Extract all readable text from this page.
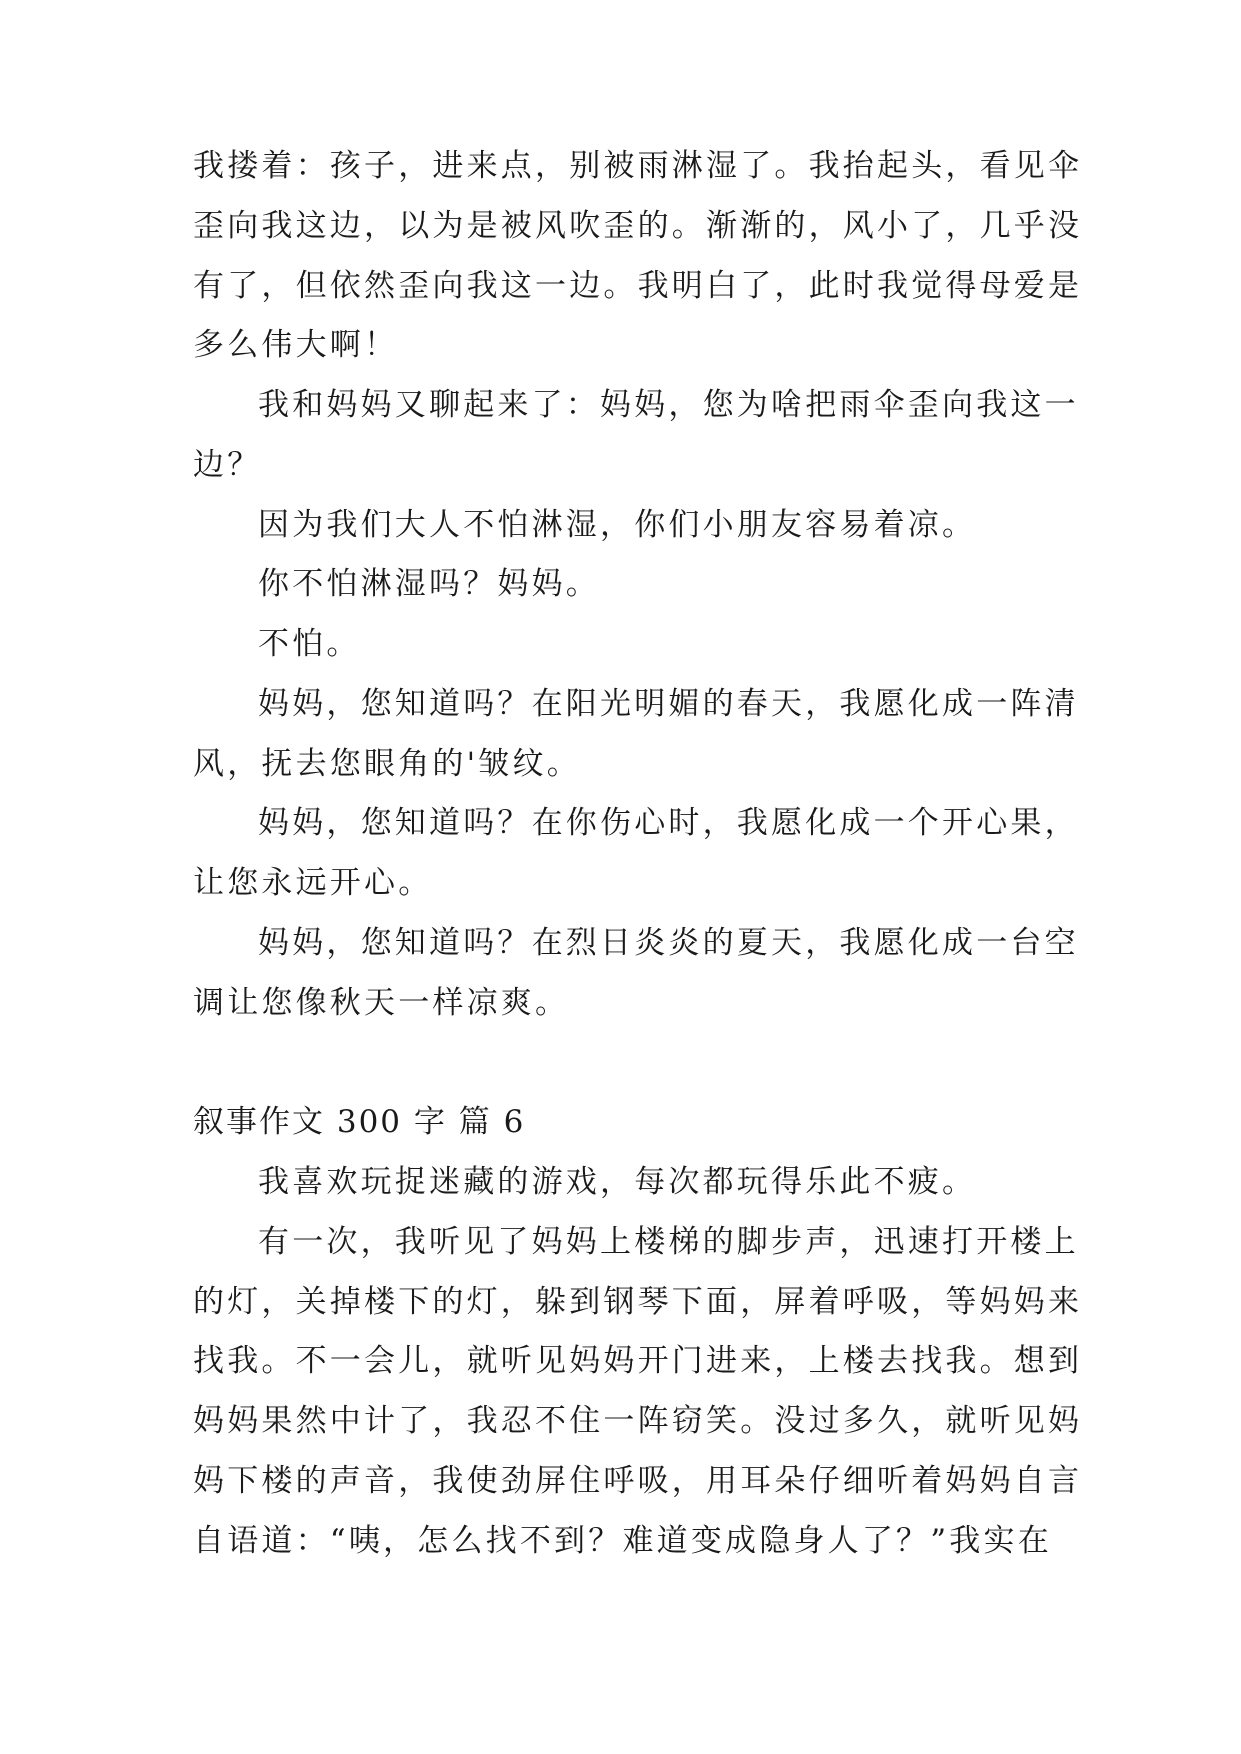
我搂着：孩子，进来点，别被雨淋湿了。我抬起头，看见伞

歪向我这边，以为是被风吹歪的。渐渐的，风小了，几乎没

有了，但依然歪向我这一边。我明白了，此时我觉得母爱是

多么伟大啊！

我和妈妈又聊起来了：妈妈，您为啥把雨伞歪向我这一

边？

因为我们大人不怕淋湿，你们小朋友容易着凉。

你不怕淋湿吗？妈妈。

不怕。

妈妈，您知道吗？在阳光明媚的春天，我愿化成一阵清

风，抚去您眼角的'皱纹。

妈妈，您知道吗？在你伤心时，我愿化成一个开心果，

让您永远开心。

妈妈，您知道吗？在烈日炎炎的夏天，我愿化成一台空

调让您像秋天一样凉爽。

叙事作文 300 字 篇 6

我喜欢玩捉迷藏的游戏，每次都玩得乐此不疲。

有一次，我听见了妈妈上楼梯的脚步声，迅速打开楼上

的灯，关掉楼下的灯，躲到钢琴下面，屏着呼吸，等妈妈来

找我。不一会儿，就听见妈妈开门进来，上楼去找我。想到

妈妈果然中计了，我忍不住一阵窃笑。没过多久，就听见妈

妈下楼的声音，我使劲屏住呼吸，用耳朵仔细听着妈妈自言

自语道：“咦，怎么找不到？难道变成隐身人了？”我实在
